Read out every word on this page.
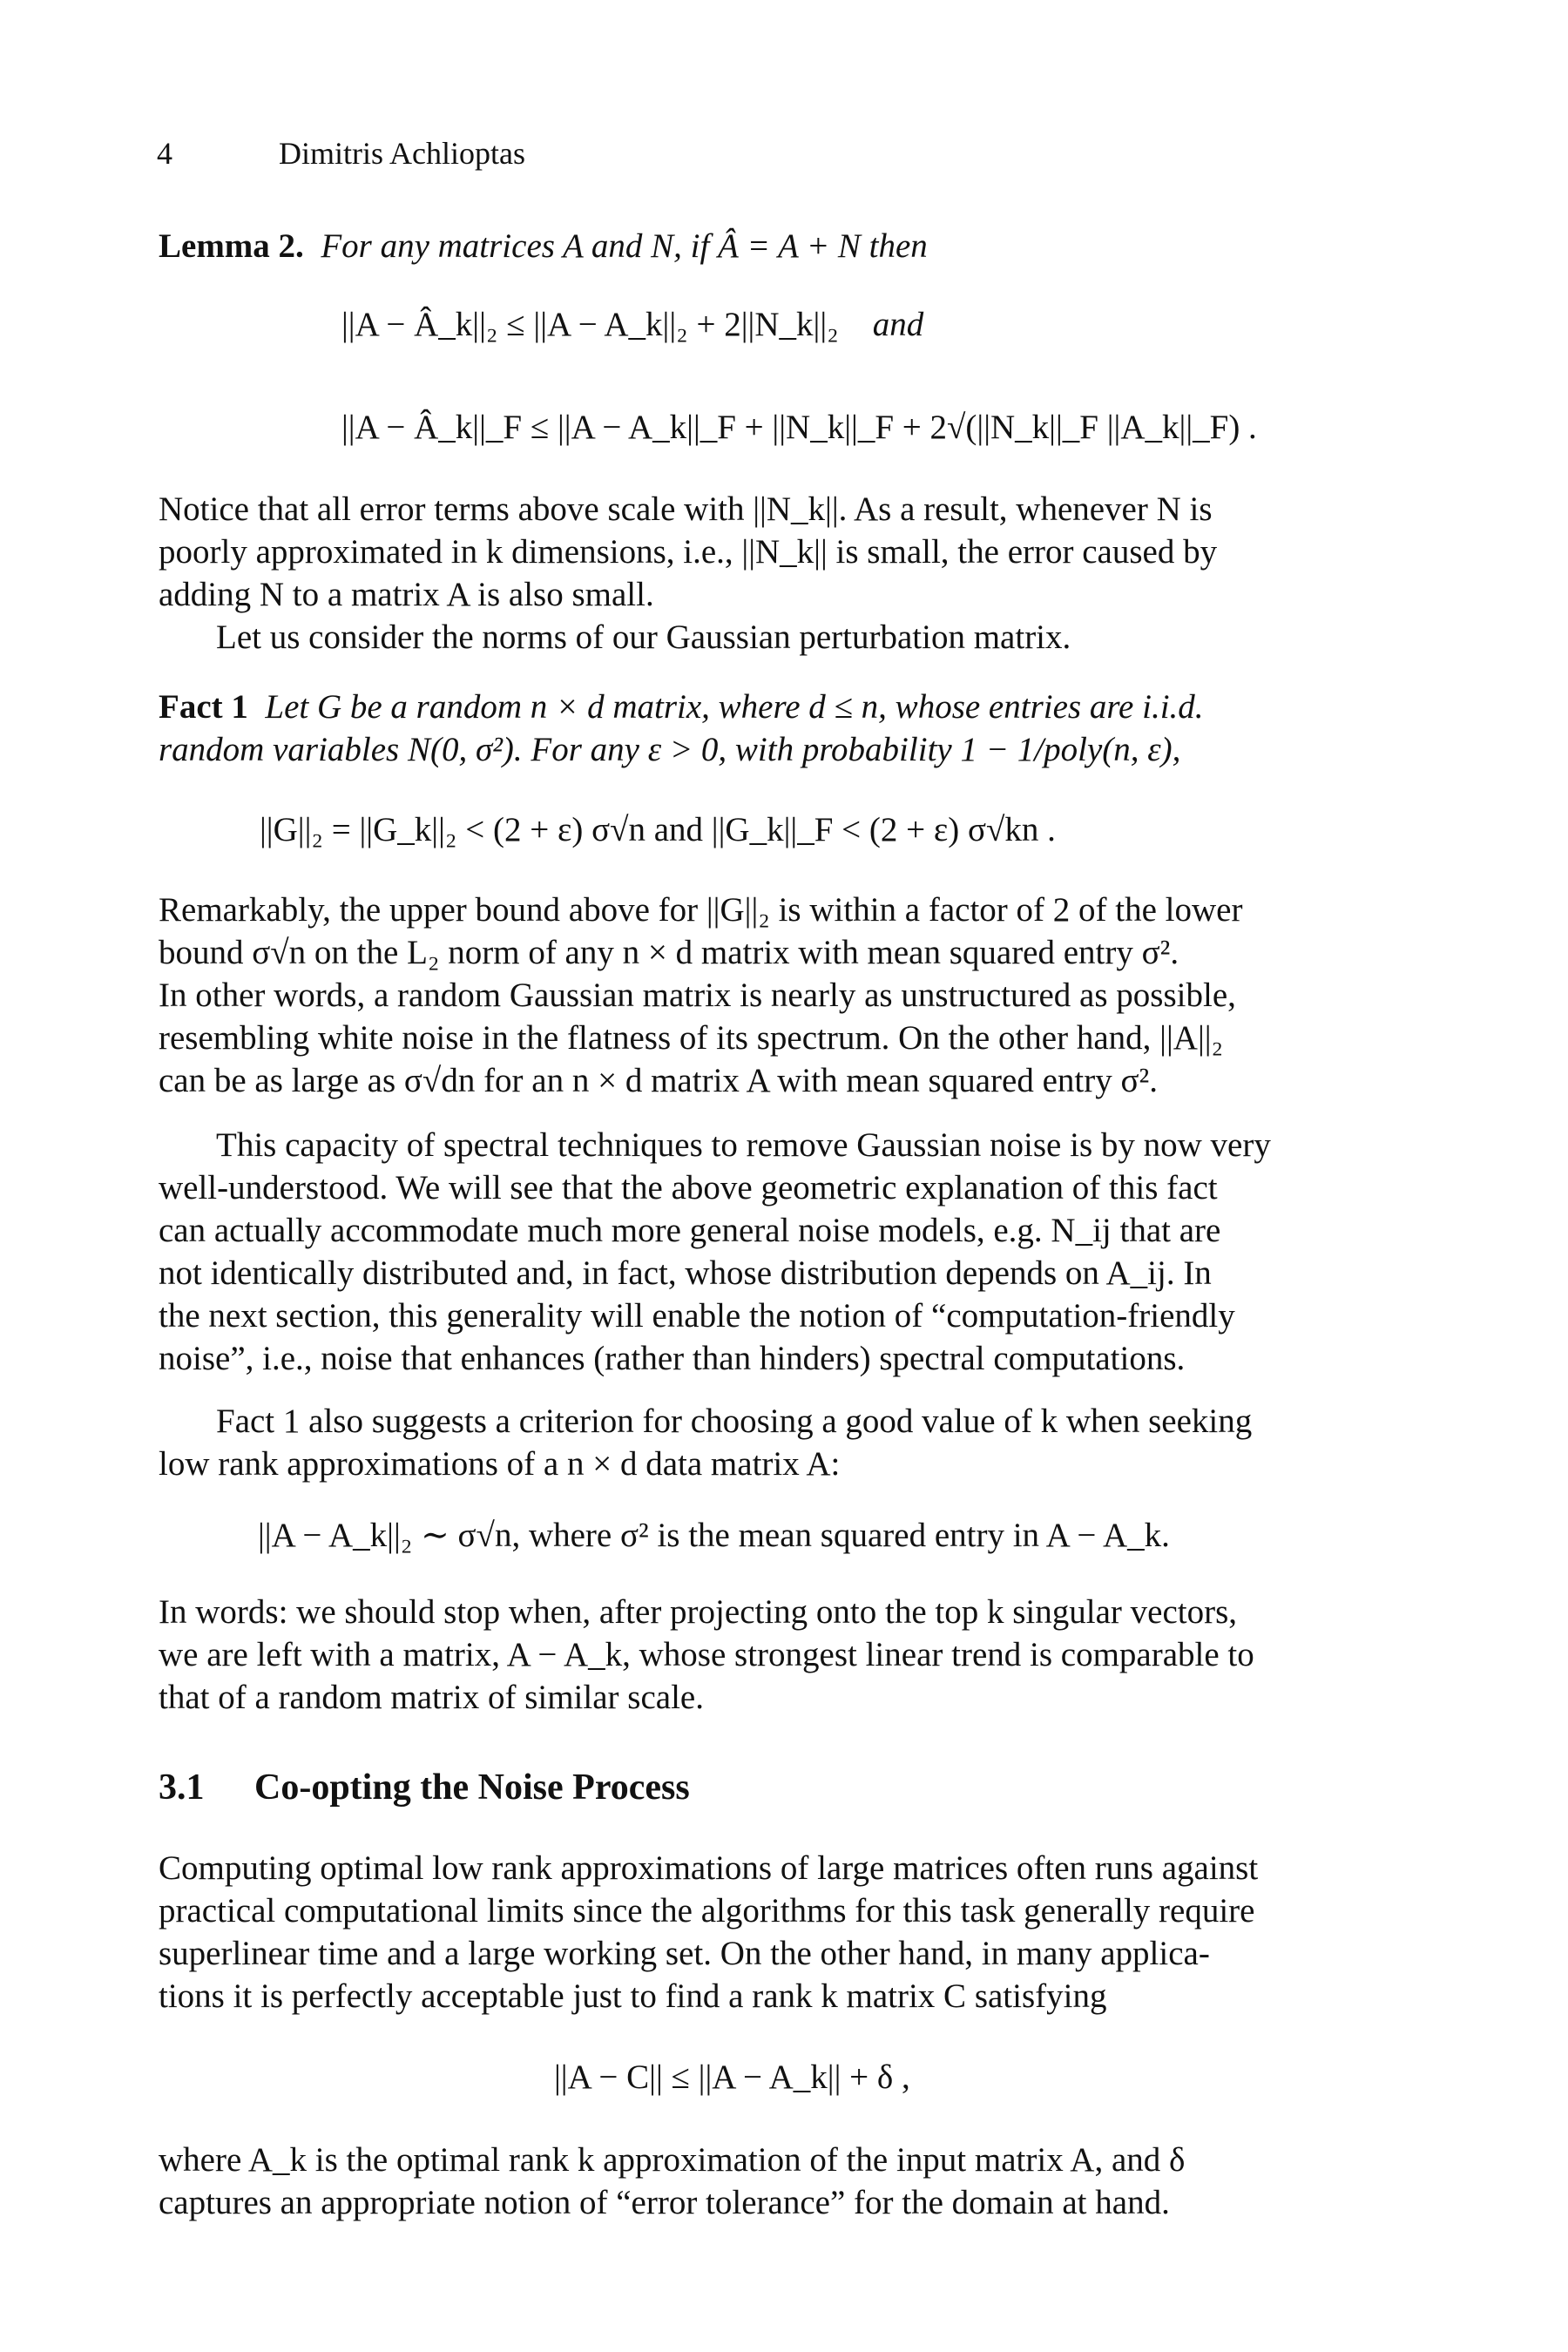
4	Dimitris Achlioptas
Lemma 2. For any matrices A and N, if Â = A + N then
||A − Â_k||₂ ≤ ||A − A_k||₂ + 2||N_k||₂ and
||A − Â_k||_F ≤ ||A − A_k||_F + ||N_k||_F + 2√(||N_k||_F ||A_k||_F) .
Notice that all error terms above scale with ||N_k||. As a result, whenever N is
poorly approximated in k dimensions, i.e., ||N_k|| is small, the error caused by
adding N to a matrix A is also small.
Let us consider the norms of our Gaussian perturbation matrix.
Fact 1 Let G be a random n × d matrix, where d ≤ n, whose entries are i.i.d.
random variables N(0, σ²). For any ε > 0, with probability 1 − 1/poly(n, ε),
||G||₂ = ||G_k||₂ < (2 + ε) σ√n and ||G_k||_F < (2 + ε) σ√kn .
Remarkably, the upper bound above for ||G||₂ is within a factor of 2 of the lower
bound σ√n on the L₂ norm of any n × d matrix with mean squared entry σ².
In other words, a random Gaussian matrix is nearly as unstructured as possible,
resembling white noise in the flatness of its spectrum. On the other hand, ||A||₂
can be as large as σ√dn for an n × d matrix A with mean squared entry σ².
This capacity of spectral techniques to remove Gaussian noise is by now very
well-understood. We will see that the above geometric explanation of this fact
can actually accommodate much more general noise models, e.g. N_ij that are
not identically distributed and, in fact, whose distribution depends on A_ij. In
the next section, this generality will enable the notion of “computation-friendly
noise”, i.e., noise that enhances (rather than hinders) spectral computations.
Fact 1 also suggests a criterion for choosing a good value of k when seeking
low rank approximations of a n × d data matrix A:
||A − A_k||₂ ∼ σ√n, where σ² is the mean squared entry in A − A_k.
In words: we should stop when, after projecting onto the top k singular vectors,
we are left with a matrix, A − A_k, whose strongest linear trend is comparable to
that of a random matrix of similar scale.
3.1 Co-opting the Noise Process
Computing optimal low rank approximations of large matrices often runs against
practical computational limits since the algorithms for this task generally require
superlinear time and a large working set. On the other hand, in many applica-
tions it is perfectly acceptable just to find a rank k matrix C satisfying
||A − C|| ≤ ||A − A_k|| + δ ,
where A_k is the optimal rank k approximation of the input matrix A, and δ
captures an appropriate notion of “error tolerance” for the domain at hand.
